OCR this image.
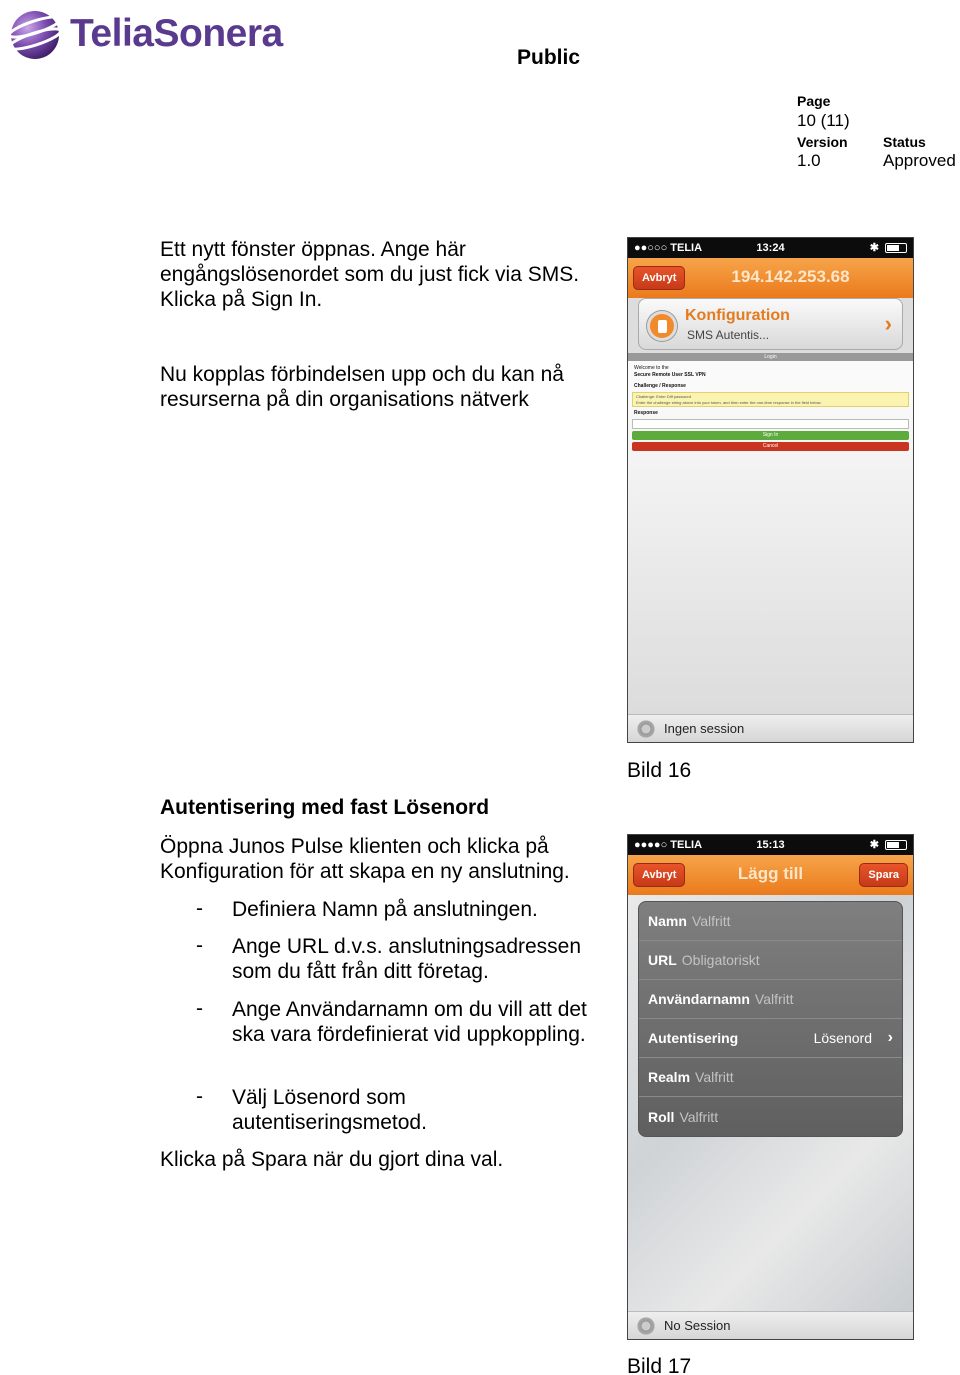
TeliaSonera
Public
Page
10 (11)
Version
1.0
Status
Approved
Ett nytt fönster öppnas. Ange här engångslösenordet som du just fick via SMS. Klicka på Sign In.
Nu kopplas förbindelsen upp och du kan nå resurserna på din organisations nätverk
●●○○○ TELIA	13:24	✱
Avbryt	194.142.253.68
Konfiguration
SMS Autentis...	›
Login
Welcome to the
Secure Remote User SSL VPN
Challenge / Response
Challenge: Enter Diff password
Enter the challenge string above into your token, and then enter the one-time response in the field below.
Response
Sign In
Cancel
Ingen session
Bild 16
Autentisering med fast Lösenord
Öppna Junos Pulse klienten och klicka på Konfiguration för att skapa en ny anslutning.
- Definiera Namn på anslutningen.
- Ange URL d.v.s. anslutningsadressen som du fått från ditt företag.
- Ange Användarnamn om du vill att det ska vara fördefinierat vid uppkoppling.
- Välj Lösenord som autentiseringsmetod.
Klicka på Spara när du gjort dina val.
●●●●○ TELIA	15:13	✱
Avbryt	Lägg till	Spara
Namn Valfritt
URL Obligatoriskt
Användarnamn Valfritt
Autentisering	Lösenord ›
Realm Valfritt
Roll Valfritt
No Session
Bild 17
